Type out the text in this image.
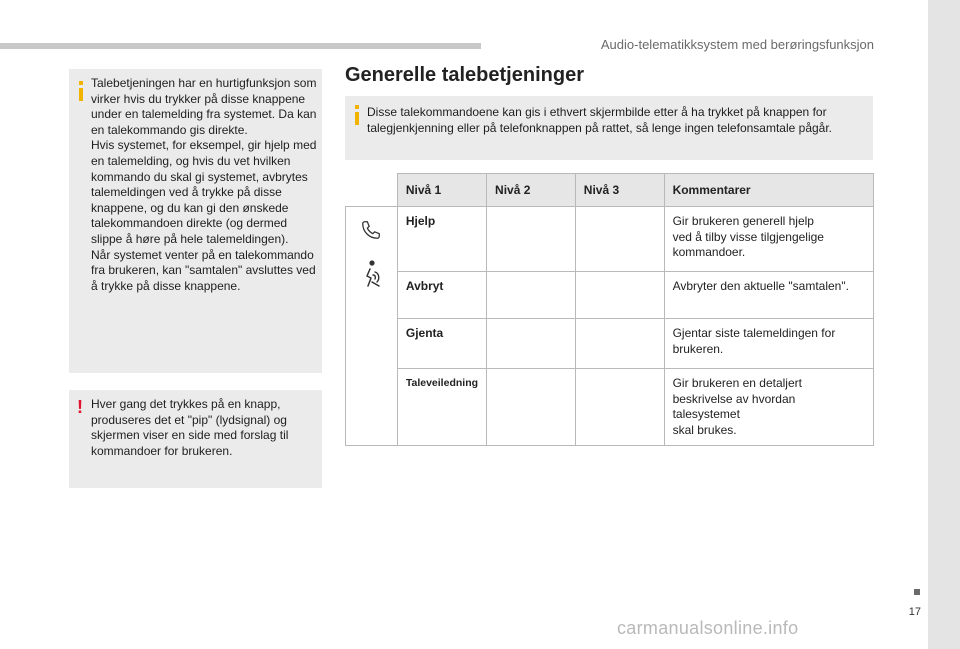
Audio-telematikksystem med berøringsfunksjon
Talebetjeningen har en hurtigfunksjon som
virker hvis du trykker på disse knappene
under en talemelding fra systemet. Da kan
en talekommando gis direkte.
Hvis systemet, for eksempel, gir hjelp med
en talemelding, og hvis du vet hvilken
kommando du skal gi systemet, avbrytes
talemeldingen ved å trykke på disse
knappene, og du kan gi den ønskede
talekommandoen direkte (og dermed
slippe å høre på hele talemeldingen).
Når systemet venter på en talekommando
fra brukeren, kan "samtalen" avsluttes ved
å trykke på disse knappene.
! Hver gang det trykkes på en knapp,
produseres det et "pip" (lydsignal) og
skjermen viser en side med forslag til
kommandoer for brukeren.
Generelle talebetjeninger
Disse talekommandoene kan gis i ethvert skjermbilde etter å ha trykket på knappen for talegjenkjenning eller på telefonknappen på rattet, så lenge ingen telefonsamtale pågår.
	Nivå 1	Nivå 2	Nivå 3	Kommentarer

	Hjelp			Gir brukeren generell hjelp
ved å tilby visse tilgjengelige
kommandoer.
	Avbryt			Avbryter den aktuelle "samtalen".
	Gjenta			Gjentar siste talemeldingen for
brukeren.
	Taleveiledning			Gir brukeren en detaljert
beskrivelse av hvordan talesystemet
skal brukes.
17
carmanualsonline.info
